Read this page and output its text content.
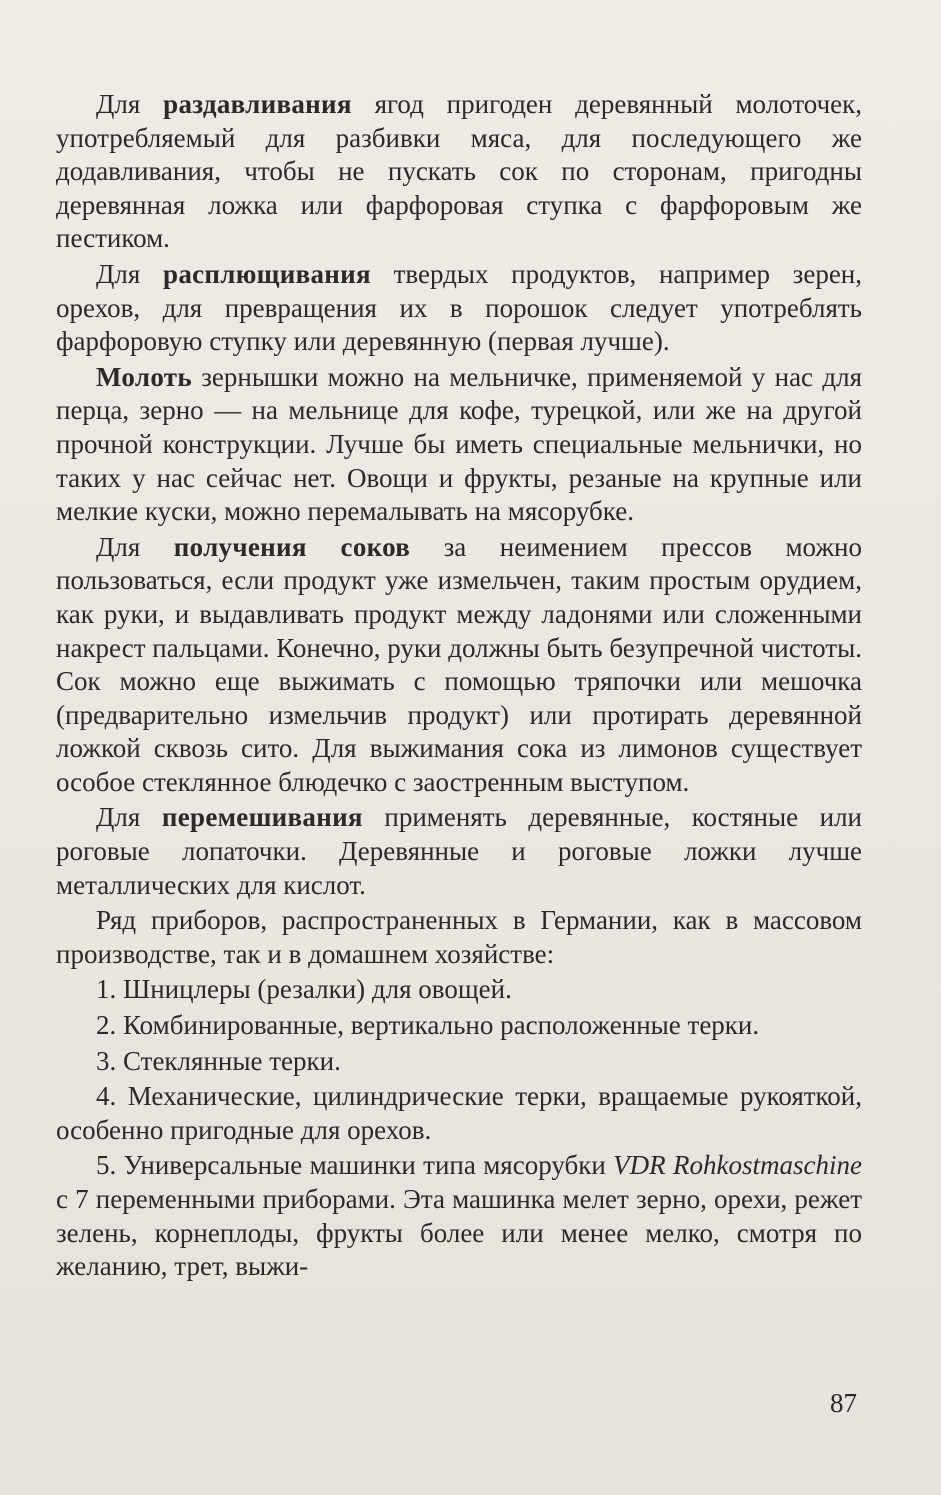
Для раздавливания ягод пригоден деревянный молоточек, употребляемый для разбивки мяса, для последующего же додавливания, чтобы не пускать сок по сторонам, пригодны деревянная ложка или фарфоровая ступка с фарфоровым же пестиком.

Для расплющивания твердых продуктов, например зерен, орехов, для превращения их в порошок следует употреблять фарфоровую ступку или деревянную (первая лучше).

Молоть зернышки можно на мельничке, применяемой у нас для перца, зерно — на мельнице для кофе, турецкой, или же на другой прочной конструкции. Лучше бы иметь специальные мельнички, но таких у нас сейчас нет. Овощи и фрукты, резаные на крупные или мелкие куски, можно перемалывать на мясорубке.

Для получения соков за неимением прессов можно пользоваться, если продукт уже измельчен, таким простым орудием, как руки, и выдавливать продукт между ладонями или сложенными накрест пальцами. Конечно, руки должны быть безупречной чистоты. Сок можно еще выжимать с помощью тряпочки или мешочка (предварительно измельчив продукт) или протирать деревянной ложкой сквозь сито. Для выжимания сока из лимонов существует особое стеклянное блюдечко с заостренным выступом.

Для перемешивания применять деревянные, костяные или роговые лопаточки. Деревянные и роговые ложки лучше металлических для кислот.

Ряд приборов, распространенных в Германии, как в массовом производстве, так и в домашнем хозяйстве:

1. Шницлеры (резалки) для овощей.

2. Комбинированные, вертикально расположенные терки.

3. Стеклянные терки.

4. Механические, цилиндрические терки, вращаемые рукояткой, особенно пригодные для орехов.

5. Универсальные машинки типа мясорубки VDR Rohkostmaschine с 7 переменными приборами. Эта машинка мелет зерно, орехи, режет зелень, корнеплоды, фрукты более или менее мелко, смотря по желанию, трет, выжи-

87
